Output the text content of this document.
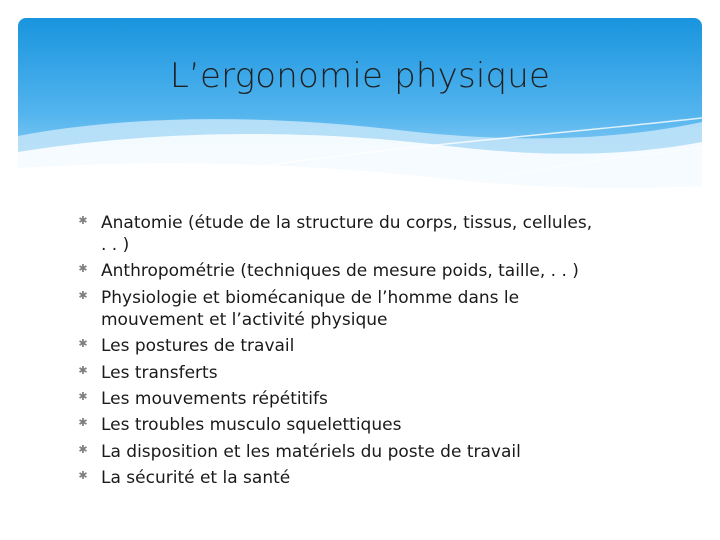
L’ergonomie physique
✱ Anatomie (étude de la structure du corps, tissus, cellules, . . )
✱ Anthropométrie (techniques de mesure poids, taille, . . )
✱ Physiologie et biomécanique de l’homme dans le mouvement et l’activité physique
✱ Les postures de travail
✱ Les transferts
✱ Les mouvements répétitifs
✱ Les troubles musculo squelettiques
✱ La disposition et les matériels du poste de travail
✱ La sécurité et la santé
